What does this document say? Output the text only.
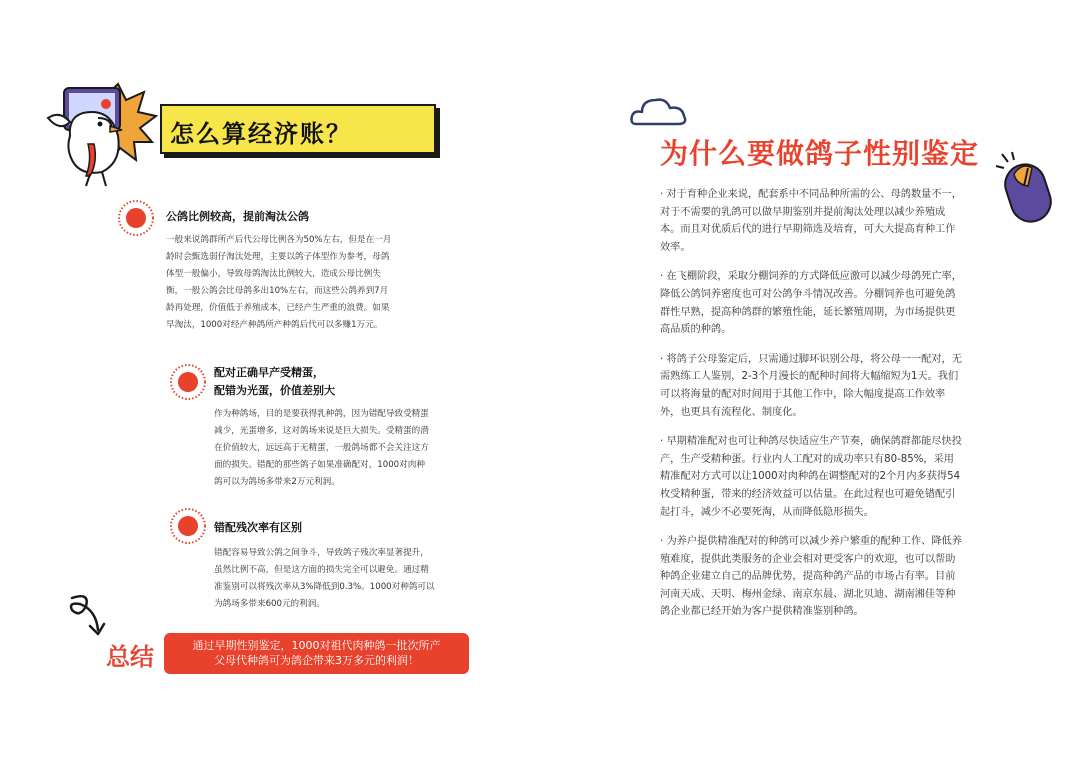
怎么算经济账？
公鸽比例较高，提前淘汰公鸽

一般来说鸽群所产后代公母比例各为50%左右，但是在一月

龄时会甄选弱仔淘汰处理，主要以鸽子体型作为参考，母鸽

体型一般偏小，导致母鸽淘汰比例较大，造成公母比例失

衡，一般公鸽会比母鸽多出10%左右，而这些公鸽养到7月

龄再处理，价值低于养殖成本，已经产生严重的浪费。如果

早淘汰，1000对经产种鸽所产种鸽后代可以多赚1万元。

配对正确早产受精蛋，
配错为光蛋，价值差别大

作为种鸽场，目的是要获得乳种鸽，因为错配导致受精蛋

减少，光蛋增多，这对鸽场来说是巨大损失。受精蛋的潜

在价值较大，远远高于无精蛋，一般鸽场都不会关注这方

面的损失。错配的那些鸽子如果准确配对，1000对肉种

鸽可以为鸽场多带来2万元利润。

错配残次率有区别

错配容易导致公鸽之间争斗，导致鸽子残次率显著提升，

虽然比例不高，但是这方面的损失完全可以避免。通过精

准鉴别可以将残次率从3%降低到0.3%。1000对种鸽可以

为鸽场多带来600元的利润。

总结	通过早期性别鉴定，1000对祖代肉种鸽一批次所产
父母代种鸽可为鸽企带来3万多元的利润！
为什么要做鸽子性别鉴定

· 对于育种企业来说，配套系中不同品种所需的公、母鸽数量不一，
对于不需要的乳鸽可以做早期鉴别并提前淘汰处理以减少养殖成
本。而且对优质后代的进行早期筛选及培育，可大大提高育种工作
效率。

· 在飞棚阶段，采取分棚饲养的方式降低应激可以减少母鸽死亡率，
降低公鸽饲养密度也可对公鸽争斗情况改善。分棚饲养也可避免鸽
群性早熟，提高种鸽群的繁殖性能，延长繁殖周期，为市场提供更
高品质的种鸽。

· 将鸽子公母鉴定后，只需通过脚环识别公母，将公母一一配对，无
需熟练工人鉴别，2-3个月漫长的配种时间将大幅缩短为1天。我们
可以将海量的配对时间用于其他工作中，除大幅度提高工作效率
外，也更具有流程化、制度化。

· 早期精准配对也可让种鸽尽快适应生产节奏，确保鸽群都能尽快投
产，生产受精种蛋。行业内人工配对的成功率只有80-85%，采用
精准配对方式可以让1000对肉种鸽在调整配对的2个月内多获得54
枚受精种蛋，带来的经济效益可以估量。在此过程也可避免错配引
起打斗，减少不必要死淘，从而降低隐形损失。

· 为养户提供精准配对的种鸽可以减少养户繁重的配种工作、降低养
殖难度，提供此类服务的企业会相对更受客户的欢迎，也可以帮助
种鸽企业建立自己的品牌优势，提高种鸽产品的市场占有率。目前
河南天成、天明、梅州金绿、南京东晨、湖北贝迪、湖南湘佳等种
鸽企业都已经开始为客户提供精准鉴别种鸽。
